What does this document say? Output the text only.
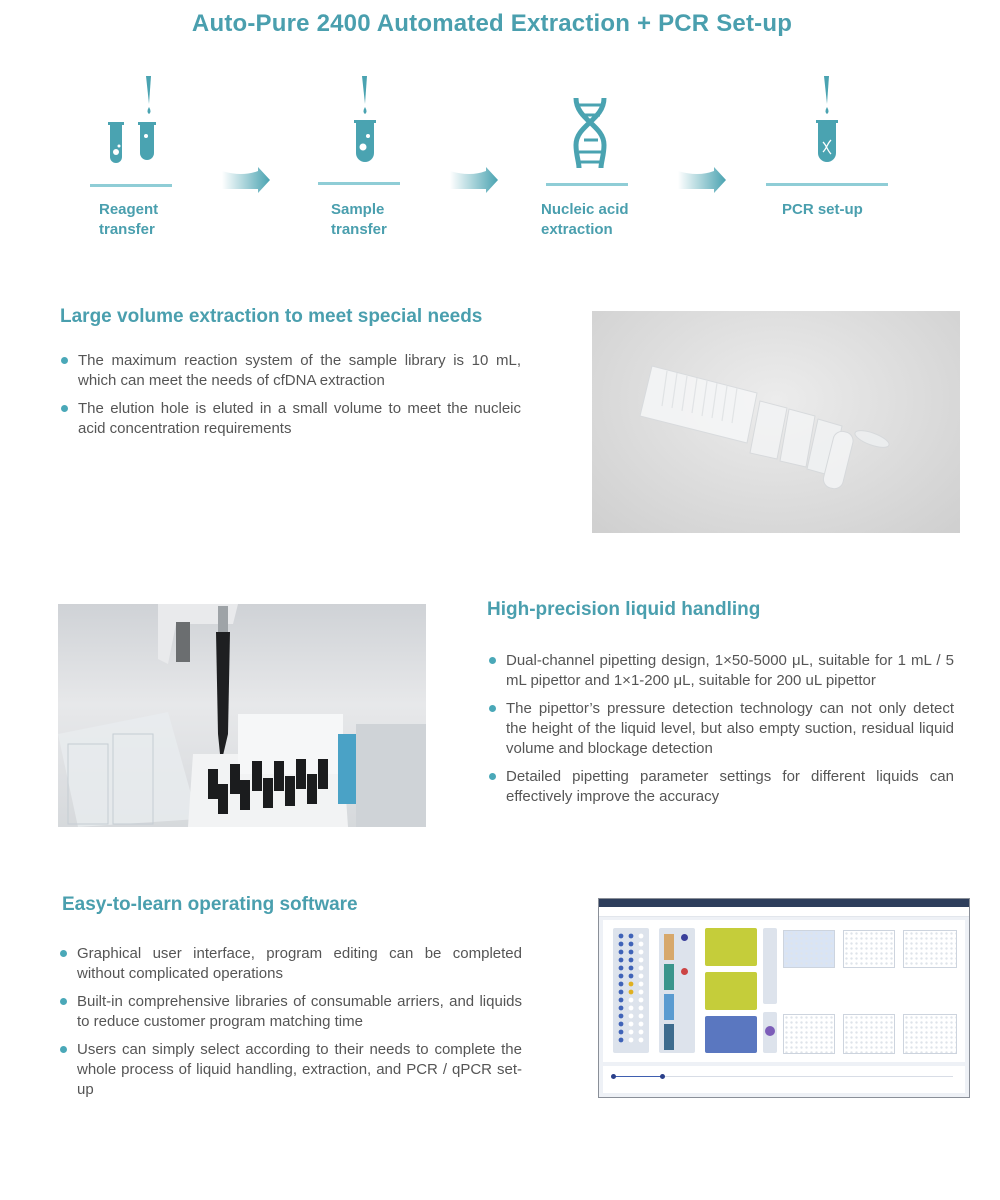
Auto-Pure 2400 Automated Extraction + PCR Set-up
Reagent
transfer
Sample
transfer
Nucleic acid
extraction
PCR set-up
Large volume extraction to meet special needs
The maximum reaction system of the sample library is 10 mL, which can meet the needs of cfDNA extraction
The elution hole is eluted in a small volume to meet the nucleic acid concentration requirements
High-precision liquid handling
Dual-channel pipetting design, 1×50-5000 μL, suitable for 1 mL / 5 mL pipettor and 1×1-200 μL, suitable for 200 uL pipettor
The pipettor’s pressure detection technology can not only detect the height of the liquid level, but also empty suction, residual liquid volume and blockage detection
Detailed pipetting parameter settings for different liquids can effectively improve the accuracy
Easy-to-learn operating software
Graphical user interface, program editing can be completed without complicated operations
Built-in comprehensive libraries of consumable arriers, and liquids to reduce customer program matching time
Users can simply select according to their needs to complete the whole process of liquid handling, extraction, and PCR / qPCR set-up
